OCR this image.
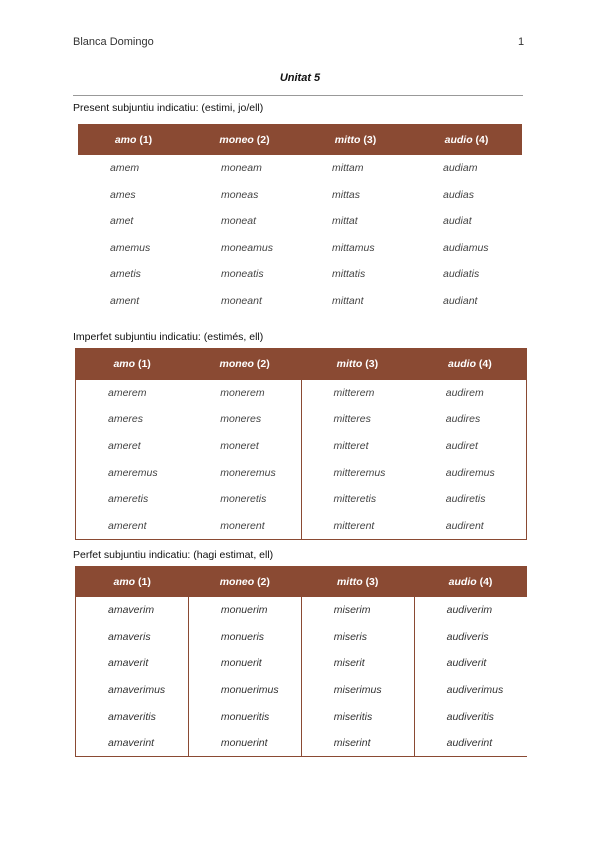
Blanca Domingo	1
Unitat 5
Present subjuntiu indicatiu: (estimi, jo/ell)
amo (1)	moneo (2)	mitto (3)	audio (4)
amem	moneam	mittam	audiam
ames	moneas	mittas	audias
amet	moneat	mittat	audiat
amemus	moneamus	mittamus	audiamus
ametis	moneatis	mittatis	audiatis
ament	moneant	mittant	audiant
Imperfet subjuntiu indicatiu: (estimés, ell)
amo (1)	moneo (2)	mitto (3)	audio (4)
amerem	monerem	mitterem	audirem
ameres	moneres	mitteres	audires
ameret	moneret	mitteret	audiret
ameremus	moneremus	mitteremus	audiremus
ameretis	moneretis	mitteretis	audiretis
amerent	monerent	mitterent	audirent
Perfet subjuntiu indicatiu: (hagi estimat, ell)
amo (1)	moneo (2)	mitto (3)	audio (4)
amaverim	monuerim	miserim	audiverim
amaveris	monueris	miseris	audiveris
amaverit	monuerit	miserit	audiverit
amaverimus	monuerimus	miserimus	audiverimus
amaveritis	monueritis	miseritis	audiveritis
amaverint	monuerint	miserint	audiverint
